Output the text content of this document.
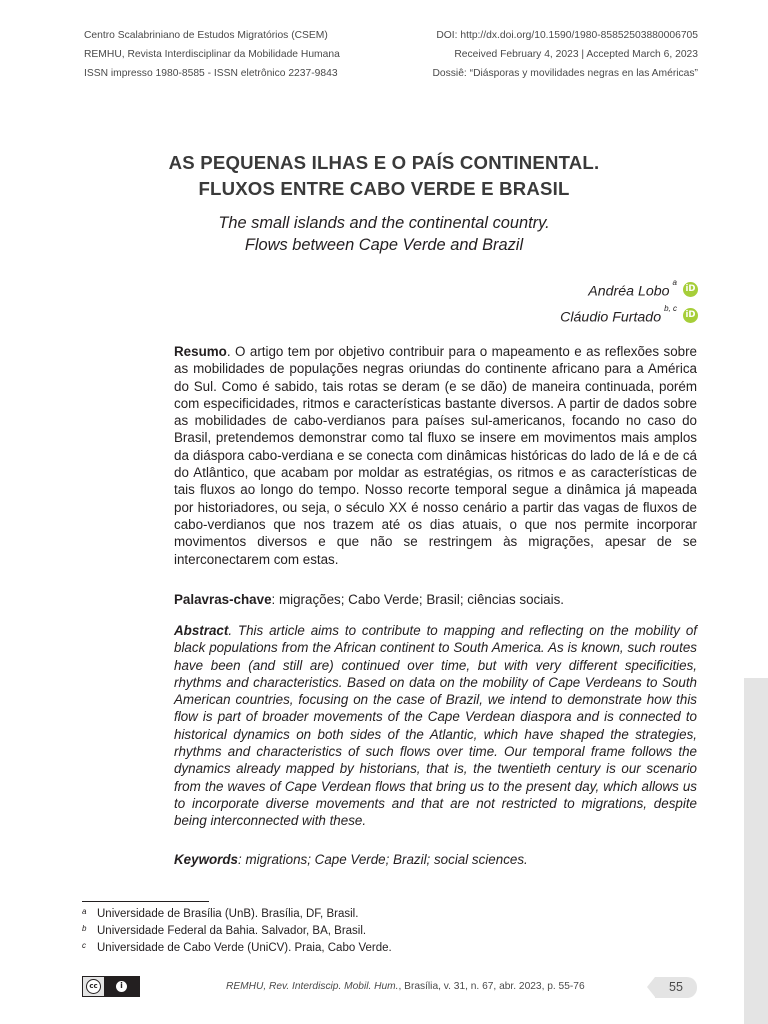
Centro Scalabriniano de Estudos Migratórios (CSEM)
REMHU, Revista Interdisciplinar da Mobilidade Humana
ISSN impresso 1980-8585 - ISSN eletrônico 2237-9843
DOI: http://dx.doi.org/10.1590/1980-85852503880006705
Received February 4, 2023 | Accepted March 6, 2023
Dossiê: “Diásporas y movilidades negras en las Américas”
AS PEQUENAS ILHAS E O PAÍS CONTINENTAL.
FLUXOS ENTRE CABO VERDE E BRASIL
The small islands and the continental country.
Flows between Cape Verde and Brazil
Andréa Lobo$^a$
iD
Cláudio Furtado$^{b, c}$
iD
Resumo. O artigo tem por objetivo contribuir para o mapeamento e as reflexões sobre as mobilidades de populações negras oriundas do continente africano para a América do Sul. Como é sabido, tais rotas se deram (e se dão) de maneira continuada, porém com especificidades, ritmos e características bastante diversos. A partir de dados sobre as mobilidades de cabo-verdianos para países sul-americanos, focando no caso do Brasil, pretendemos demonstrar como tal fluxo se insere em movimentos mais amplos da diáspora cabo-verdiana e se conecta com dinâmicas históricas do lado de lá e de cá do Atlântico, que acabam por moldar as estratégias, os ritmos e as características de tais fluxos ao longo do tempo. Nosso recorte temporal segue a dinâmica já mapeada por historiadores, ou seja, o século XX é nosso cenário a partir das vagas de fluxos de cabo-verdianos que nos trazem até os dias atuais, o que nos permite incorporar movimentos diversos e que não se restringem às migrações, apesar de se interconectarem com estas.
Palavras-chave: migrações; Cabo Verde; Brasil; ciências sociais.
Abstract. This article aims to contribute to mapping and reflecting on the mobility of black populations from the African continent to South America. As is known, such routes have been (and still are) continued over time, but with very different specificities, rhythms and characteristics. Based on data on the mobility of Cape Verdeans to South American countries, focusing on the case of Brazil, we intend to demonstrate how this flow is part of broader movements of the Cape Verdean diaspora and is connected to historical dynamics on both sides of the Atlantic, which have shaped the strategies, rhythms and characteristics of such flows over time. Our temporal frame follows the dynamics already mapped by historians, that is, the twentieth century is our scenario from the waves of Cape Verdean flows that bring us to the present day, which allows us to incorporate diverse movements and that are not restricted to migrations, despite being interconnected with these.
Keywords: migrations; Cape Verde; Brazil; social sciences.
a Universidade de Brasília (UnB). Brasília, DF, Brasil.
b Universidade Federal da Bahia. Salvador, BA, Brasil.
c Universidade de Cabo Verde (UniCV). Praia, Cabo Verde.
cc	i	REMHU, Rev. Interdiscip. Mobil. Hum., Brasília, v. 31, n. 67, abr. 2023, p. 55-76	55
